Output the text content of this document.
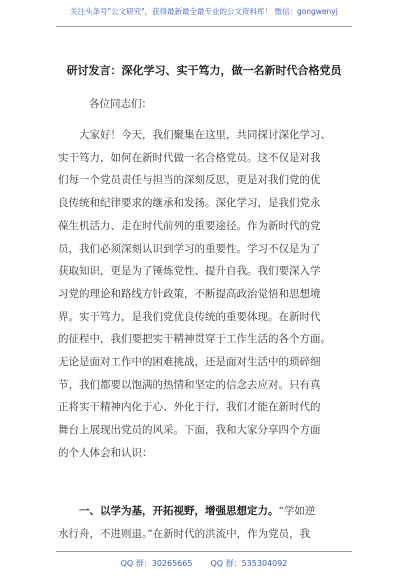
关注头条号"公文研究"，获得最新最全最专业的公文资料库！ 微信：gongwenyj
研讨发言：深化学习、实干笃力，做一名新时代合格党员
各位同志们：
大家好！今天，我们聚集在这里，共同探讨深化学习、
实干笃力，如何在新时代做一名合格党员。这不仅是对我
们每一个党员责任与担当的深刻反思，更是对我们党的优
良传统和纪律要求的继承和发扬。深化学习，是我们党永
葆生机活力、走在时代前列的重要途径。作为新时代的党
员，我们必须深刻认识到学习的重要性。学习不仅是为了
获取知识，更是为了锤炼党性、提升自我。我们要深入学
习党的理论和路线方针政策，不断提高政治觉悟和思想境
界。实干笃力，是我们党优良传统的重要体现。在新时代
的征程中，我们要把实干精神贯穿于工作生活的各个方面。
无论是面对工作中的困难挑战，还是面对生活中的琐碎细
节，我们都要以饱满的热情和坚定的信念去应对。只有真
正将实干精神内化于心、外化于行，我们才能在新时代的
舞台上展现出党员的风采。下面，我和大家分享四个方面
的个人体会和认识：
一、以学为基，开拓视野，增强思想定力。“学如逆
水行舟，不进则退。”在新时代的洪流中，作为党员，我
QQ 群：30265665 QQ 群：535304092
